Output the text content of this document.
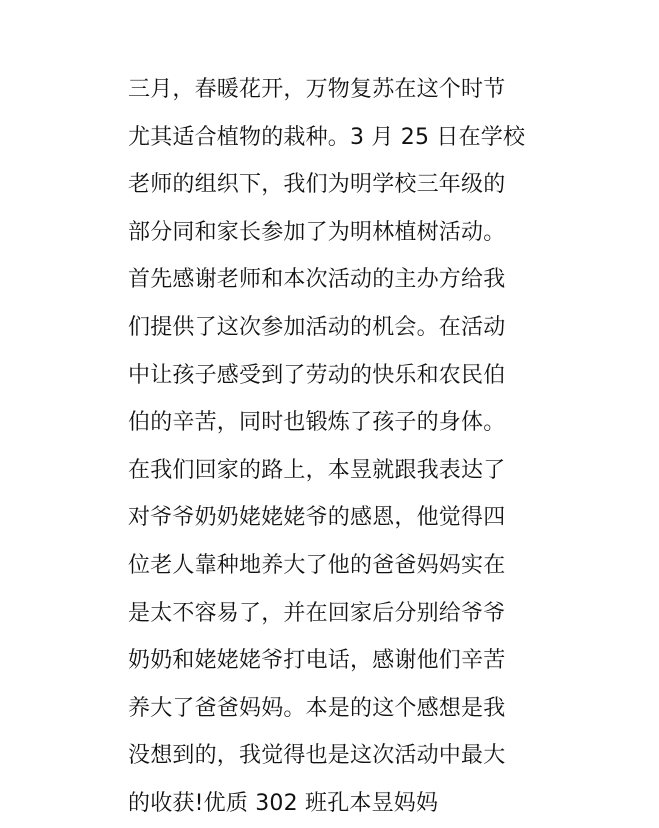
三月，春暖花开，万物复苏在这个时节
尤其适合植物的栽种。3 月 25 日在学校
老师的组织下，我们为明学校三年级的
部分同和家长参加了为明林植树活动。
首先感谢老师和本次活动的主办方给我
们提供了这次参加活动的机会。在活动
中让孩子感受到了劳动的快乐和农民伯
伯的辛苦，同时也锻炼了孩子的身体。
在我们回家的路上，本昱就跟我表达了
对爷爷奶奶姥姥姥爷的感恩，他觉得四
位老人靠种地养大了他的爸爸妈妈实在
是太不容易了，并在回家后分别给爷爷
奶奶和姥姥姥爷打电话，感谢他们辛苦
养大了爸爸妈妈。本是的这个感想是我
没想到的，我觉得也是这次活动中最大
的收获!优质 302 班孔本昱妈妈
